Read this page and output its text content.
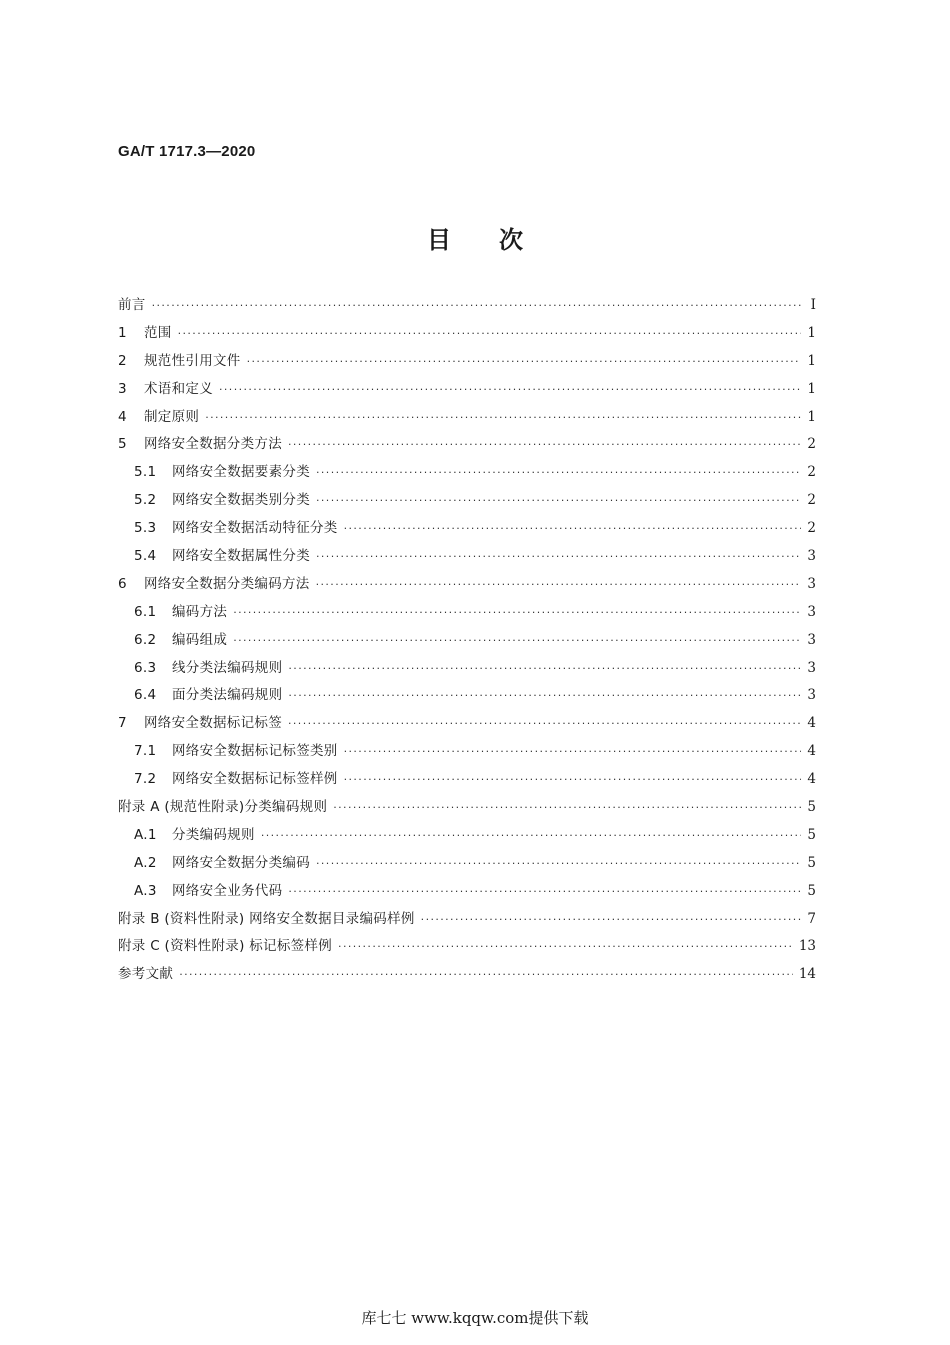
GA/T 1717.3—2020
目次
前言 ·····	I
1 范围 ·····	1
2 规范性引用文件 ·····	1
3 术语和定义 ·····	1
4 制定原则 ·····	1
5 网络安全数据分类方法 ·····	2
5.1 网络安全数据要素分类 ·····	2
5.2 网络安全数据类别分类 ·····	2
5.3 网络安全数据活动特征分类 ·····	2
5.4 网络安全数据属性分类 ·····	3
6 网络安全数据分类编码方法 ·····	3
6.1 编码方法 ·····	3
6.2 编码组成 ·····	3
6.3 线分类法编码规则 ·····	3
6.4 面分类法编码规则 ·····	3
7 网络安全数据标记标签 ·····	4
7.1 网络安全数据标记标签类别 ·····	4
7.2 网络安全数据标记标签样例 ·····	4
附录 A (规范性附录)分类编码规则 ·····	5
A.1 分类编码规则 ·····	5
A.2 网络安全数据分类编码 ·····	5
A.3 网络安全业务代码 ·····	5
附录 B (资料性附录) 网络安全数据目录编码样例 ·····	7
附录 C (资料性附录) 标记标签样例 ·····	13
参考文献 ·····	14
库七七 www.kqqw.com提供下载
